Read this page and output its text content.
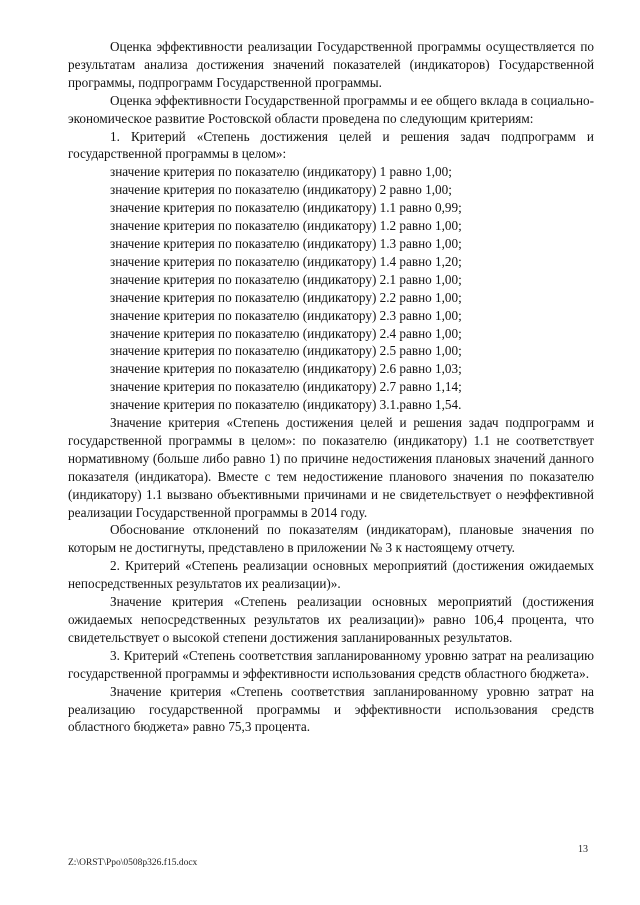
Оценка эффективности реализации Государственной программы осуществляется по результатам анализа достижения значений показателей (индикаторов) Государственной программы, подпрограмм Государственной программы.

Оценка эффективности Государственной программы и ее общего вклада в социально-экономическое развитие Ростовской области проведена по следующим критериям:

1. Критерий «Степень достижения целей и решения задач подпрограмм и государственной программы в целом»:

значение критерия по показателю (индикатору) 1 равно 1,00;
значение критерия по показателю (индикатору) 2 равно 1,00;
значение критерия по показателю (индикатору) 1.1 равно 0,99;
значение критерия по показателю (индикатору) 1.2 равно 1,00;
значение критерия по показателю (индикатору) 1.3 равно 1,00;
значение критерия по показателю (индикатору) 1.4 равно 1,20;
значение критерия по показателю (индикатору) 2.1 равно 1,00;
значение критерия по показателю (индикатору) 2.2 равно 1,00;
значение критерия по показателю (индикатору) 2.3 равно 1,00;
значение критерия по показателю (индикатору) 2.4 равно 1,00;
значение критерия по показателю (индикатору) 2.5 равно 1,00;
значение критерия по показателю (индикатору) 2.6 равно 1,03;
значение критерия по показателю (индикатору) 2.7 равно 1,14;
значение критерия по показателю (индикатору) 3.1.равно 1,54.

Значение критерия «Степень достижения целей и решения задач подпрограмм и государственной программы в целом»: по показателю (индикатору) 1.1 не соответствует нормативному (больше либо равно 1) по причине недостижения плановых значений данного показателя (индикатора). Вместе с тем недостижение планового значения по показателю (индикатору) 1.1 вызвано объективными причинами и не свидетельствует о неэффективной реализации Государственной программы в 2014 году.

Обоснование отклонений по показателям (индикаторам), плановые значения по которым не достигнуты, представлено в приложении № 3 к настоящему отчету.

2. Критерий «Степень реализации основных мероприятий (достижения ожидаемых непосредственных результатов их реализации)».

Значение критерия «Степень реализации основных мероприятий (достижения ожидаемых непосредственных результатов их реализации)» равно 106,4 процента, что свидетельствует о высокой степени достижения запланированных результатов.

3. Критерий «Степень соответствия запланированному уровню затрат на реализацию государственной программы и эффективности использования средств областного бюджета».

Значение критерия «Степень соответствия запланированному уровню затрат на реализацию государственной программы и эффективности использования средств областного бюджета» равно 75,3 процента.

13
Z:\ORST\Ppo\0508p326.f15.docx
